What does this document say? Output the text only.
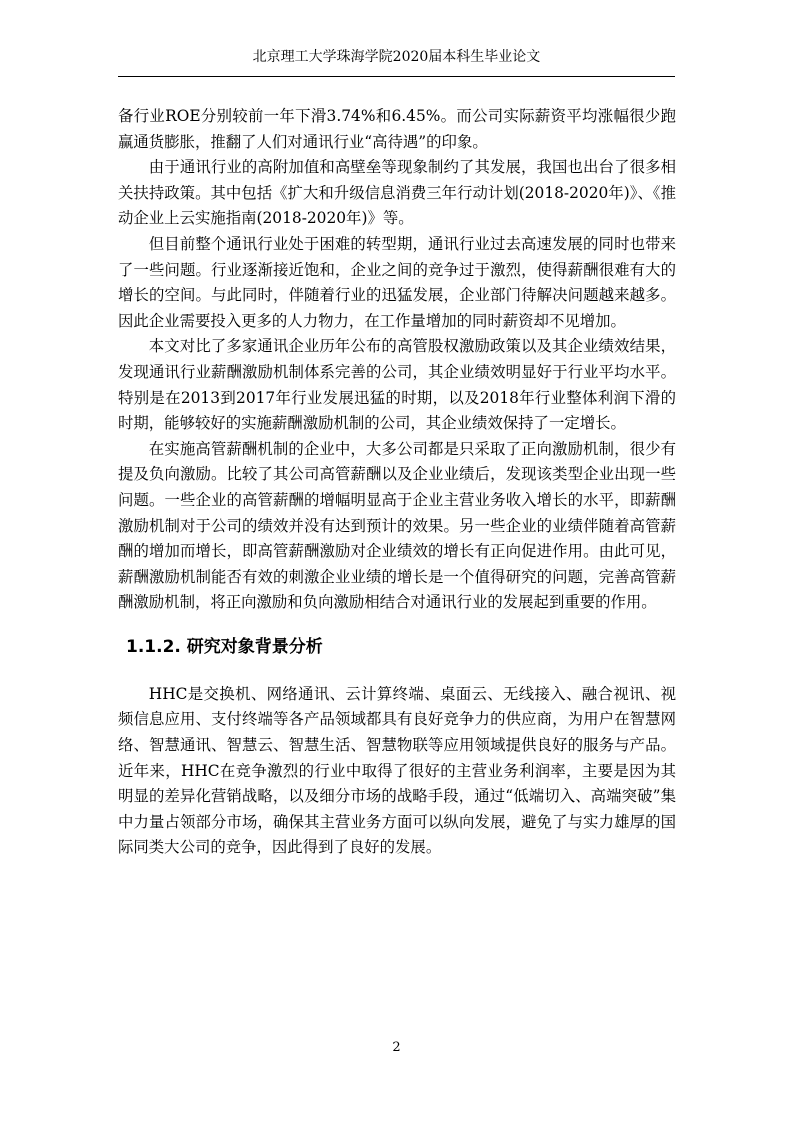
北京理工大学珠海学院2020届本科生毕业论文

备行业ROE分别较前一年下滑3.74%和6.45%。而公司实际薪资平均涨幅很少跑赢通货膨胀，推翻了人们对通讯行业“高待遇”的印象。

由于通讯行业的高附加值和高壁垒等现象制约了其发展，我国也出台了很多相关扶持政策。其中包括《扩大和升级信息消费三年行动计划(2018-2020年)》、《推动企业上云实施指南(2018-2020年)》等。

但目前整个通讯行业处于困难的转型期，通讯行业过去高速发展的同时也带来了一些问题。行业逐渐接近饱和，企业之间的竞争过于激烈，使得薪酬很难有大的增长的空间。与此同时，伴随着行业的迅猛发展，企业部门待解决问题越来越多。因此企业需要投入更多的人力物力，在工作量增加的同时薪资却不见增加。

本文对比了多家通讯企业历年公布的高管股权激励政策以及其企业绩效结果，发现通讯行业薪酬激励机制体系完善的公司，其企业绩效明显好于行业平均水平。特别是在2013到2017年行业发展迅猛的时期，以及2018年行业整体利润下滑的时期，能够较好的实施薪酬激励机制的公司，其企业绩效保持了一定增长。

在实施高管薪酬机制的企业中，大多公司都是只采取了正向激励机制，很少有提及负向激励。比较了其公司高管薪酬以及企业业绩后，发现该类型企业出现一些问题。一些企业的高管薪酬的增幅明显高于企业主营业务收入增长的水平，即薪酬激励机制对于公司的绩效并没有达到预计的效果。另一些企业的业绩伴随着高管薪酬的增加而增长，即高管薪酬激励对企业绩效的增长有正向促进作用。由此可见，薪酬激励机制能否有效的刺激企业业绩的增长是一个值得研究的问题，完善高管薪酬激励机制，将正向激励和负向激励相结合对通讯行业的发展起到重要的作用。

1.1.2. 研究对象背景分析

HHC是交换机、网络通讯、云计算终端、桌面云、无线接入、融合视讯、视频信息应用、支付终端等各产品领域都具有良好竞争力的供应商，为用户在智慧网络、智慧通讯、智慧云、智慧生活、智慧物联等应用领域提供良好的服务与产品。近年来，HHC在竞争激烈的行业中取得了很好的主营业务利润率，主要是因为其明显的差异化营销战略，以及细分市场的战略手段，通过“低端切入、高端突破”集中力量占领部分市场，确保其主营业务方面可以纵向发展，避免了与实力雄厚的国际同类大公司的竞争，因此得到了良好的发展。

2
